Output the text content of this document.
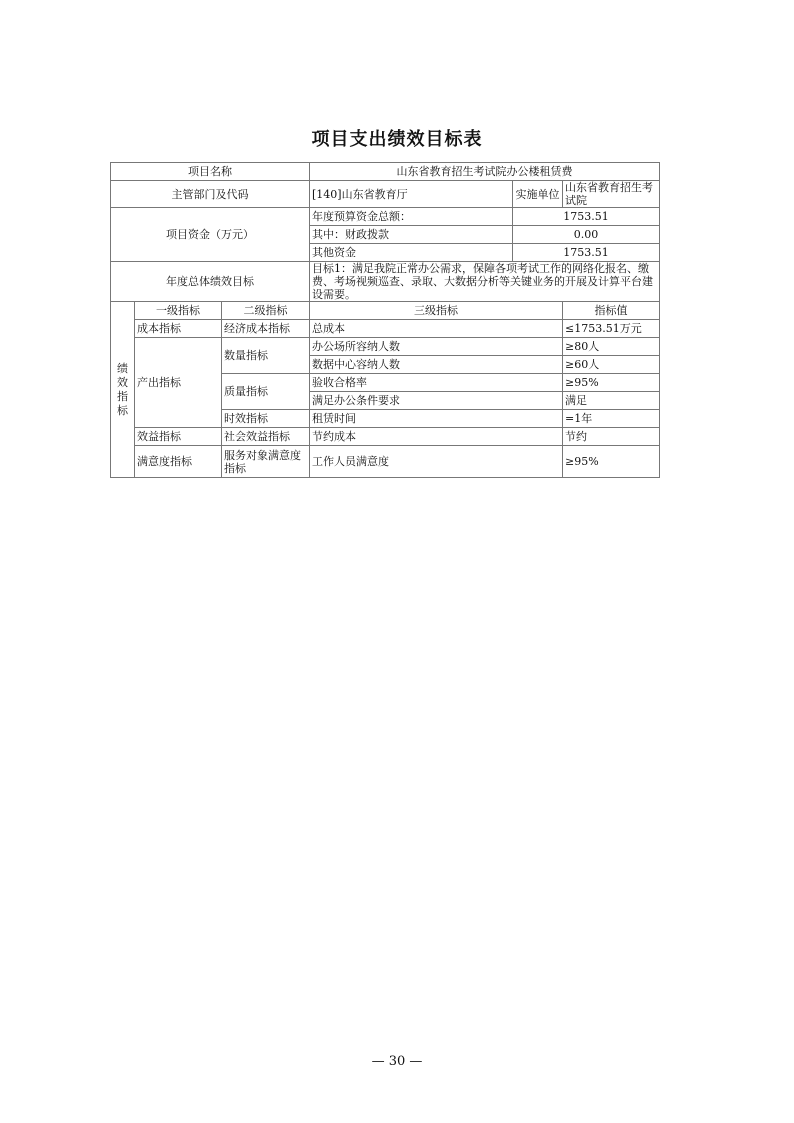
项目支出绩效目标表
项目名称			山东省教育招生考试院办公楼租赁费		
主管部门及代码			[140]山东省教育厅	实施单位	山东省教育招生考试院
项目资金（万元）			年度预算资金总额：	1753.51	
			其中：财政拨款	0.00	
			其他资金	1753.51	
年度总体绩效目标			目标1：满足我院正常办公需求，保障各项考试工作的网络化报名、缴费、考场视频巡查、录取、大数据分析等关键业务的开展及计算平台建设需要。		

绩
效
指
标	一级指标	二级指标	三级指标		指标值
	成本指标	经济成本指标	总成本		≤1753.51万元
	产出指标	数量指标	办公场所容纳人数		≥80人
			数据中心容纳人数		≥60人
		质量指标	验收合格率		≥95%
			满足办公条件要求		满足
		时效指标	租赁时间		=1年
	效益指标	社会效益指标	节约成本		节约
	满意度指标	服务对象满意度指标	工作人员满意度		≥95%
— 30 —
